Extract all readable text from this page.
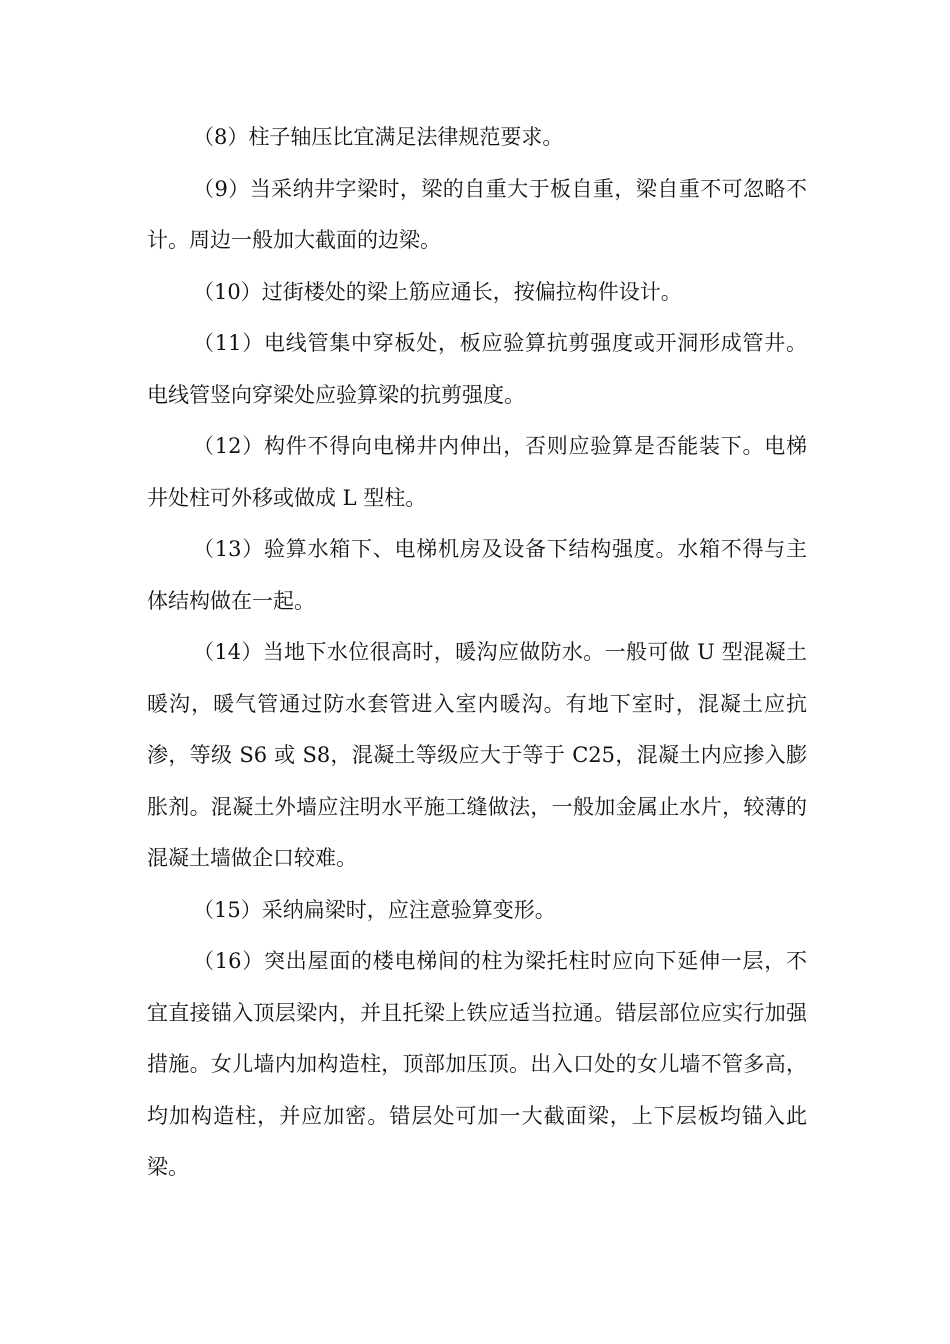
（8）柱子轴压比宜满足法律规范要求。

（9）当采纳井字梁时，梁的自重大于板自重，梁自重不可忽略不计。周边一般加大截面的边梁。

（10）过街楼处的梁上筋应通长，按偏拉构件设计。

（11）电线管集中穿板处，板应验算抗剪强度或开洞形成管井。电线管竖向穿梁处应验算梁的抗剪强度。

（12）构件不得向电梯井内伸出，否则应验算是否能装下。电梯井处柱可外移或做成 L 型柱。

（13）验算水箱下、电梯机房及设备下结构强度。水箱不得与主体结构做在一起。

（14）当地下水位很高时，暖沟应做防水。一般可做 U 型混凝土暖沟，暖气管通过防水套管进入室内暖沟。有地下室时，混凝土应抗渗，等级 S6 或 S8，混凝土等级应大于等于 C25，混凝土内应掺入膨胀剂。混凝土外墙应注明水平施工缝做法，一般加金属止水片，较薄的混凝土墙做企口较难。

（15）采纳扁梁时，应注意验算变形。

（16）突出屋面的楼电梯间的柱为梁托柱时应向下延伸一层，不宜直接锚入顶层梁内，并且托梁上铁应适当拉通。错层部位应实行加强措施。女儿墙内加构造柱，顶部加压顶。出入口处的女儿墙不管多高，均加构造柱，并应加密。错层处可加一大截面梁，上下层板均锚入此梁。
